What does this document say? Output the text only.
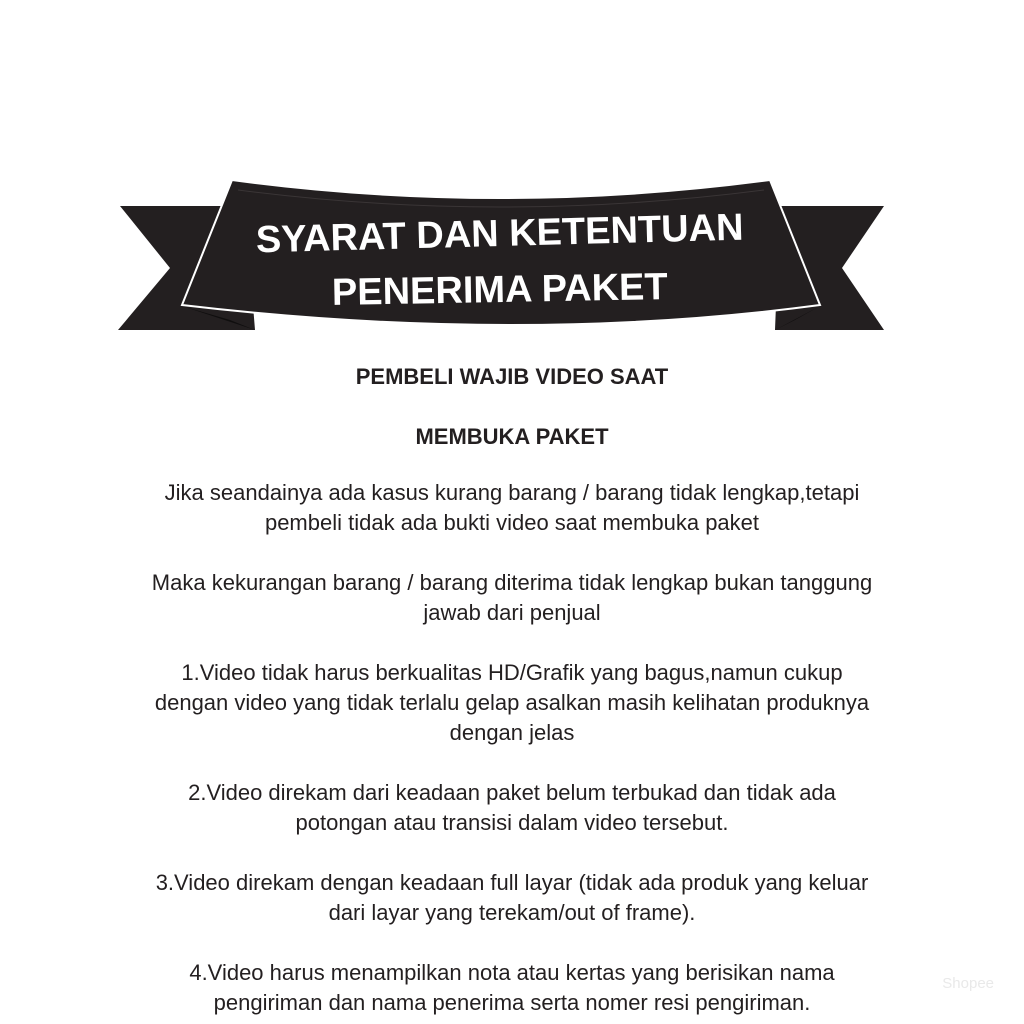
SYARAT DAN KETENTUAN
PENERIMA PAKET

PEMBELI WAJIB VIDEO SAAT

MEMBUKA PAKET

Jika seandainya ada kasus kurang barang / barang tidak lengkap,tetapi
pembeli tidak ada bukti video saat membuka paket
Maka kekurangan barang / barang diterima tidak lengkap bukan tanggung
jawab dari penjual
1.Video tidak harus berkualitas HD/Grafik yang bagus,namun cukup
dengan video yang tidak terlalu gelap asalkan masih kelihatan produknya
dengan jelas
2.Video direkam dari keadaan paket belum terbukad dan tidak ada
potongan atau transisi dalam video tersebut.
3.Video direkam dengan keadaan full layar (tidak ada produk yang keluar
dari layar yang terekam/out of frame).
4.Video harus menampilkan nota atau kertas yang berisikan nama
pengiriman dan nama penerima serta nomer resi pengiriman.
Shopee
